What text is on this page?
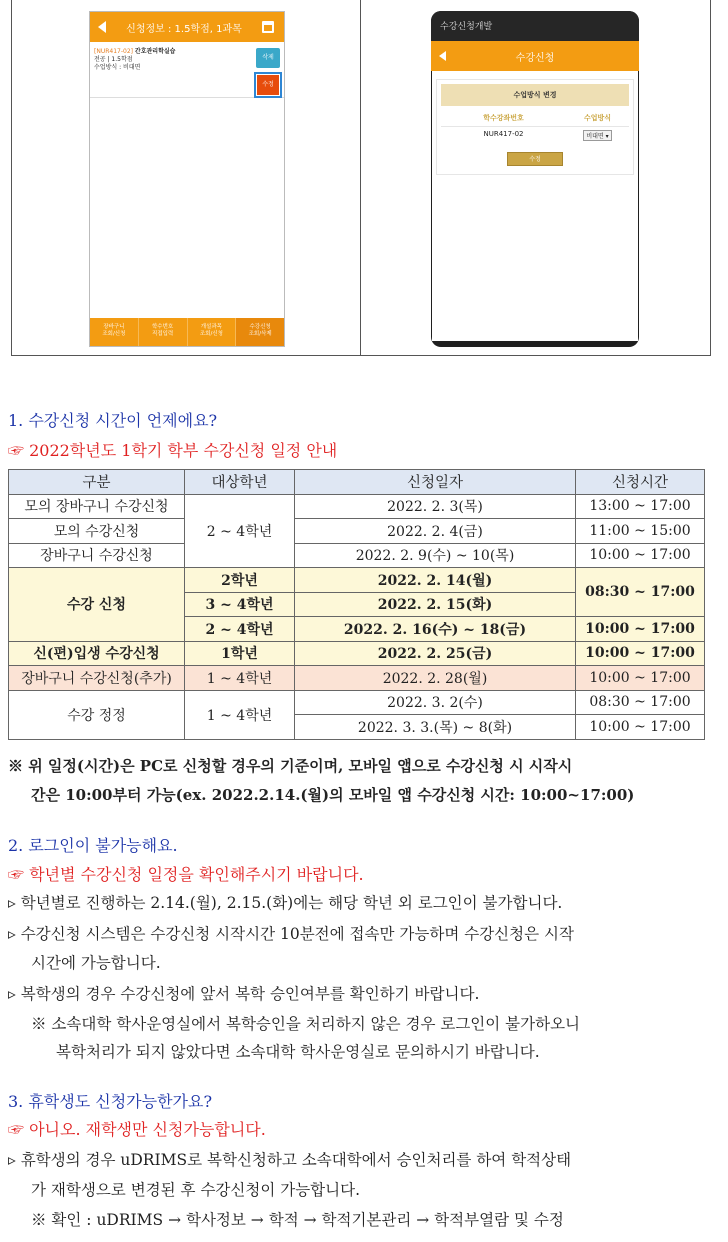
신청정보 : 1.5학점, 1과목
[NUR417-02] 간호관리학실습
전공 | 1.5학점
수업방식 : 비대면
삭제
수정
장바구니
조회/신청
학수번호
직접입력
개설과목
조회/신청
수강신청
조회/삭제
수강신청개발
수강신청
수업방식 변경
학수강좌번호	수업방식
NUR417-02	비대면 ▾
수정
1. 수강신청 시간이 언제에요?
☞ 2022학년도 1학기 학부 수강신청 일정 안내
구분	대상학년	신청일자	신청시간
모의 장바구니 수강신청	2 ~ 4학년	2022. 2. 3(목)	13:00 ~ 17:00
모의 수강신청		2022. 2. 4(금)	11:00 ~ 15:00
장바구니 수강신청		2022. 2. 9(수) ~ 10(목)	10:00 ~ 17:00
수강 신청	2학년	2022. 2. 14(월)	08:30 ~ 17:00
	3 ~ 4학년	2022. 2. 15(화)	
	2 ~ 4학년	2022. 2. 16(수) ~ 18(금)	10:00 ~ 17:00
신(편)입생 수강신청	1학년	2022. 2. 25(금)	10:00 ~ 17:00
장바구니 수강신청(추가)	1 ~ 4학년	2022. 2. 28(월)	10:00 ~ 17:00
수강 정정	1 ~ 4학년	2022. 3. 2(수)	08:30 ~ 17:00
		2022. 3. 3.(목) ~ 8(화)	10:00 ~ 17:00
※ 위 일정(시간)은 PC로 신청할 경우의 기준이며, 모바일 앱으로 수강신청 시 시작시
간은 10:00부터 가능(ex. 2022.2.14.(월)의 모바일 앱 수강신청 시간: 10:00~17:00)
2. 로그인이 불가능해요.
☞ 학년별 수강신청 일정을 확인해주시기 바랍니다.
▹ 학년별로 진행하는 2.14.(월), 2.15.(화)에는 해당 학년 외 로그인이 불가합니다.
▹ 수강신청 시스템은 수강신청 시작시간 10분전에 접속만 가능하며 수강신청은 시작
시간에 가능합니다.
▹ 복학생의 경우 수강신청에 앞서 복학 승인여부를 확인하기 바랍니다.
※ 소속대학 학사운영실에서 복학승인을 처리하지 않은 경우 로그인이 불가하오니
복학처리가 되지 않았다면 소속대학 학사운영실로 문의하시기 바랍니다.
3. 휴학생도 신청가능한가요?
☞ 아니오. 재학생만 신청가능합니다.
▹ 휴학생의 경우 uDRIMS로 복학신청하고 소속대학에서 승인처리를 하여 학적상태
가 재학생으로 변경된 후 수강신청이 가능합니다.
※ 확인 : uDRIMS → 학사정보 → 학적 → 학적기본관리 → 학적부열람 및 수정
